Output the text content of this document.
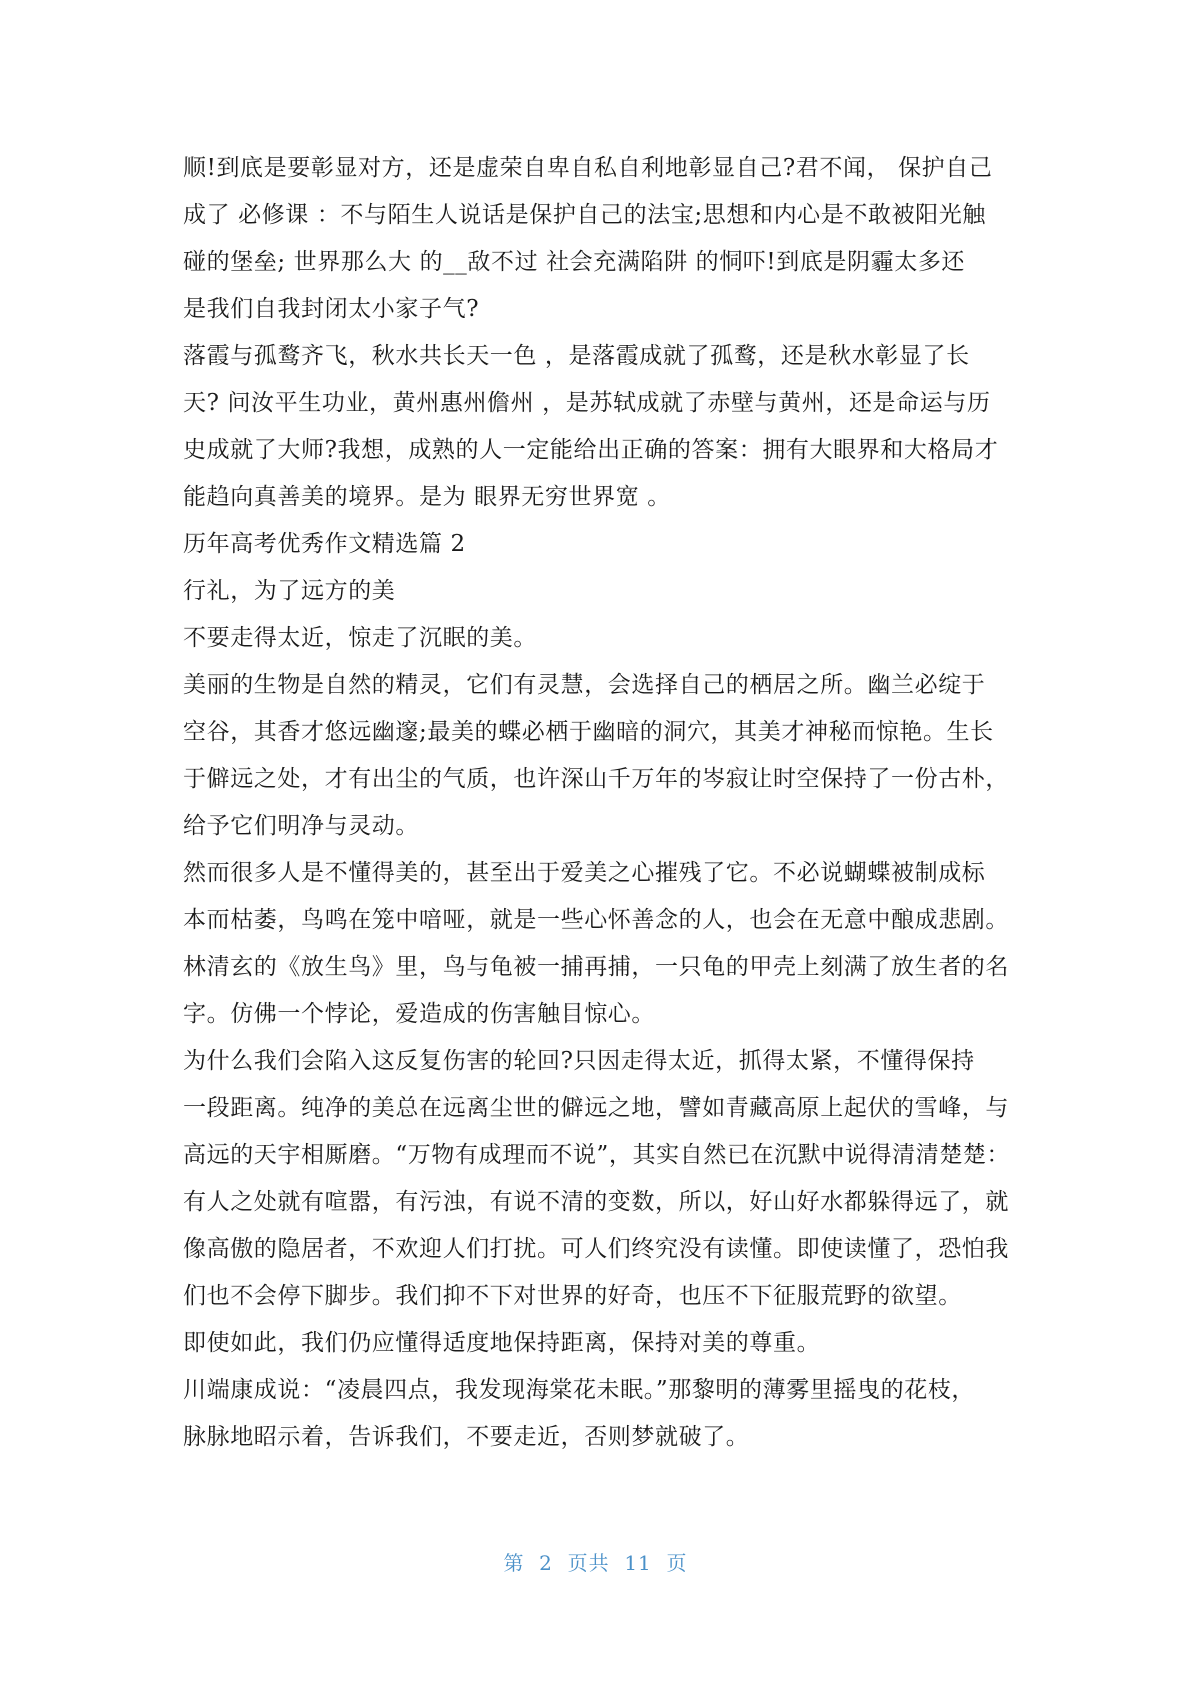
顺!到底是要彰显对方，还是虚荣自卑自私自利地彰显自己?君不闻， 保护自己
成了 必修课 ：不与陌生人说话是保护自己的法宝;思想和内心是不敢被阳光触
碰的堡垒; 世界那么大 的__敌不过 社会充满陷阱 的恫吓!到底是阴霾太多还
是我们自我封闭太小家子气?
落霞与孤鹜齐飞，秋水共长天一色 ，是落霞成就了孤鹜，还是秋水彰显了长
天? 问汝平生功业，黄州惠州儋州 ，是苏轼成就了赤壁与黄州，还是命运与历
史成就了大师?我想，成熟的人一定能给出正确的答案：拥有大眼界和大格局才
能趋向真善美的境界。是为 眼界无穷世界宽 。
历年高考优秀作文精选篇 2
行礼，为了远方的美
不要走得太近，惊走了沉眠的美。
美丽的生物是自然的精灵，它们有灵慧，会选择自己的栖居之所。幽兰必绽于
空谷，其香才悠远幽邃;最美的蝶必栖于幽暗的洞穴，其美才神秘而惊艳。生长
于僻远之处，才有出尘的气质，也许深山千万年的岑寂让时空保持了一份古朴，
给予它们明净与灵动。
然而很多人是不懂得美的，甚至出于爱美之心摧残了它。不必说蝴蝶被制成标
本而枯萎，鸟鸣在笼中喑哑，就是一些心怀善念的人，也会在无意中酿成悲剧。
林清玄的《放生鸟》里，鸟与龟被一捕再捕，一只龟的甲壳上刻满了放生者的名
字。仿佛一个悖论，爱造成的伤害触目惊心。
为什么我们会陷入这反复伤害的轮回?只因走得太近，抓得太紧，不懂得保持
一段距离。纯净的美总在远离尘世的僻远之地，譬如青藏高原上起伏的雪峰，与
高远的天宇相厮磨。“万物有成理而不说”，其实自然已在沉默中说得清清楚楚：
有人之处就有喧嚣，有污浊，有说不清的变数，所以，好山好水都躲得远了，就
像高傲的隐居者，不欢迎人们打扰。可人们终究没有读懂。即使读懂了，恐怕我
们也不会停下脚步。我们抑不下对世界的好奇，也压不下征服荒野的欲望。
即使如此，我们仍应懂得适度地保持距离，保持对美的尊重。
川端康成说：“凌晨四点，我发现海棠花未眠。”那黎明的薄雾里摇曳的花枝，
脉脉地昭示着，告诉我们，不要走近，否则梦就破了。
第  2  页共  11  页
